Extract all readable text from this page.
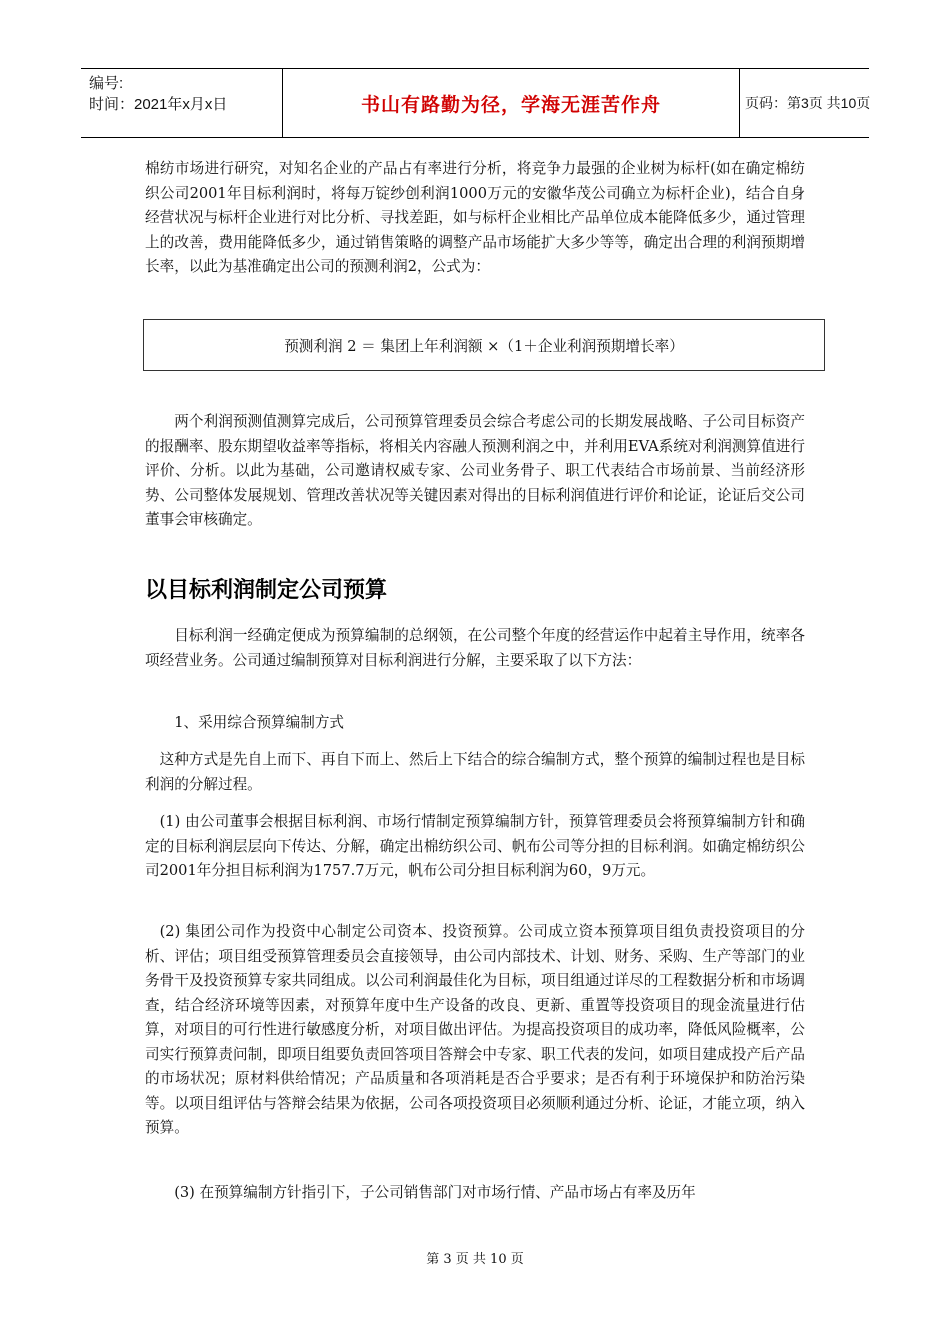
编号:
时间：2021年x月x日	书山有路勤为径，学海无涯苦作舟	页码：第3页 共10页
棉纺市场进行研究，对知名企业的产品占有率进行分析，将竞争力最强的企业树为标杆(如在确定棉纺织公司2001年目标利润时，将每万锭纱创利润1000万元的安徽华茂公司确立为标杆企业)，结合自身经营状况与标杆企业进行对比分析、寻找差距，如与标杆企业相比产品单位成本能降低多少，通过管理上的改善，费用能降低多少，通过销售策略的调整产品市场能扩大多少等等，确定出合理的利润预期增长率，以此为基准确定出公司的预测利润2，公式为：
预测利润 2 ＝ 集团上年利润额 ×（1＋企业利润预期增长率）
两个利润预测值测算完成后，公司预算管理委员会综合考虑公司的长期发展战略、子公司目标资产的报酬率、股东期望收益率等指标，将相关内容融人预测利润之中，并利用EVA系统对利润测算值进行评价、分析。以此为基础，公司邀请权威专家、公司业务骨子、职工代表结合市场前景、当前经济形势、公司整体发展规划、管理改善状况等关键因素对得出的目标利润值进行评价和论证，论证后交公司董事会审核确定。
以目标利润制定公司预算
目标利润一经确定便成为预算编制的总纲领，在公司整个年度的经营运作中起着主导作用，统率各项经营业务。公司通过编制预算对目标利润进行分解，主要采取了以下方法：
1、采用综合预算编制方式
这种方式是先自上而下、再自下而上、然后上下结合的综合编制方式，整个预算的编制过程也是目标利润的分解过程。
(1) 由公司董事会根据目标利润、市场行情制定预算编制方针，预算管理委员会将预算编制方针和确定的目标利润层层向下传达、分解，确定出棉纺织公司、帆布公司等分担的目标利润。如确定棉纺织公司2001年分担目标利润为1757.7万元，帆布公司分担目标利润为60，9万元。
(2) 集团公司作为投资中心制定公司资本、投资预算。公司成立资本预算项目组负责投资项目的分析、评估；项目组受预算管理委员会直接领导，由公司内部技术、计划、财务、采购、生产等部门的业务骨干及投资预算专家共同组成。以公司利润最佳化为目标，项目组通过详尽的工程数据分析和市场调查，结合经济环境等因素，对预算年度中生产设备的改良、更新、重置等投资项目的现金流量进行估算，对项目的可行性进行敏感度分析，对项目做出评估。为提高投资项目的成功率，降低风险概率，公司实行预算责问制，即项目组要负责回答项目答辩会中专家、职工代表的发问，如项目建成投产后产品的市场状况；原材料供给情况；产品质量和各项消耗是否合乎要求；是否有利于环境保护和防治污染等。以项目组评估与答辩会结果为依据，公司各项投资项目必须顺利通过分析、论证，才能立项，纳入预算。
(3) 在预算编制方针指引下，子公司销售部门对市场行情、产品市场占有率及历年
第 3 页 共 10 页
